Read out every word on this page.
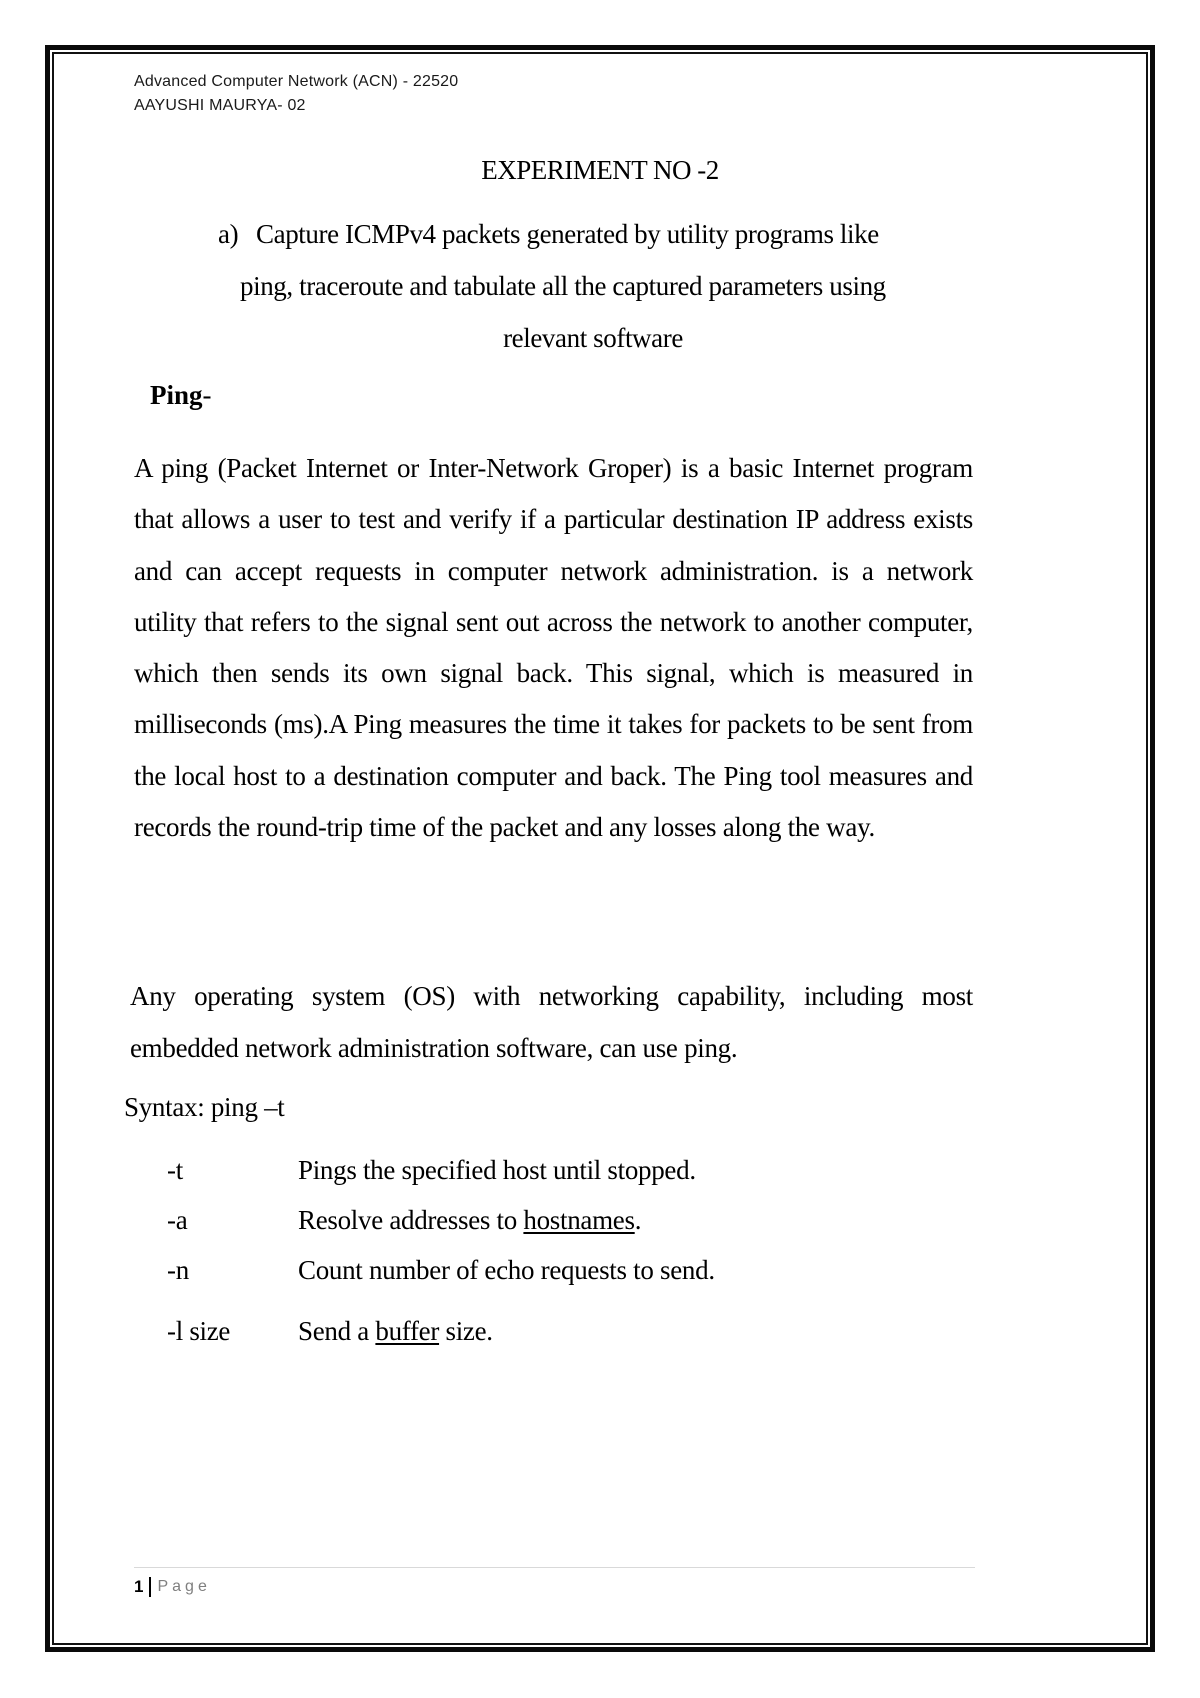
Advanced Computer Network (ACN) - 22520
AAYUSHI MAURYA- 02
EXPERIMENT NO -2
a) Capture ICMPv4 packets generated by utility programs like
ping, traceroute and tabulate all the captured parameters using
relevant software
Ping-
A ping (Packet Internet or Inter-Network Groper) is a basic Internet program that allows a user to test and verify if a particular destination IP address exists and can accept requests in computer network administration. is a network utility that refers to the signal sent out across the network to another computer, which then sends its own signal back. This signal, which is measured in milliseconds (ms).A Ping measures the time it takes for packets to be sent from the local host to a destination computer and back. The Ping tool measures and records the round-trip time of the packet and any losses along the way.
Any operating system (OS) with networking capability, including most embedded network administration software, can use ping.
Syntax: ping –t
-t	Pings the specified host until stopped.
-a	Resolve addresses to hostnames.
-n	Count number of echo requests to send.
-l size	Send a buffer size.
1 Page
